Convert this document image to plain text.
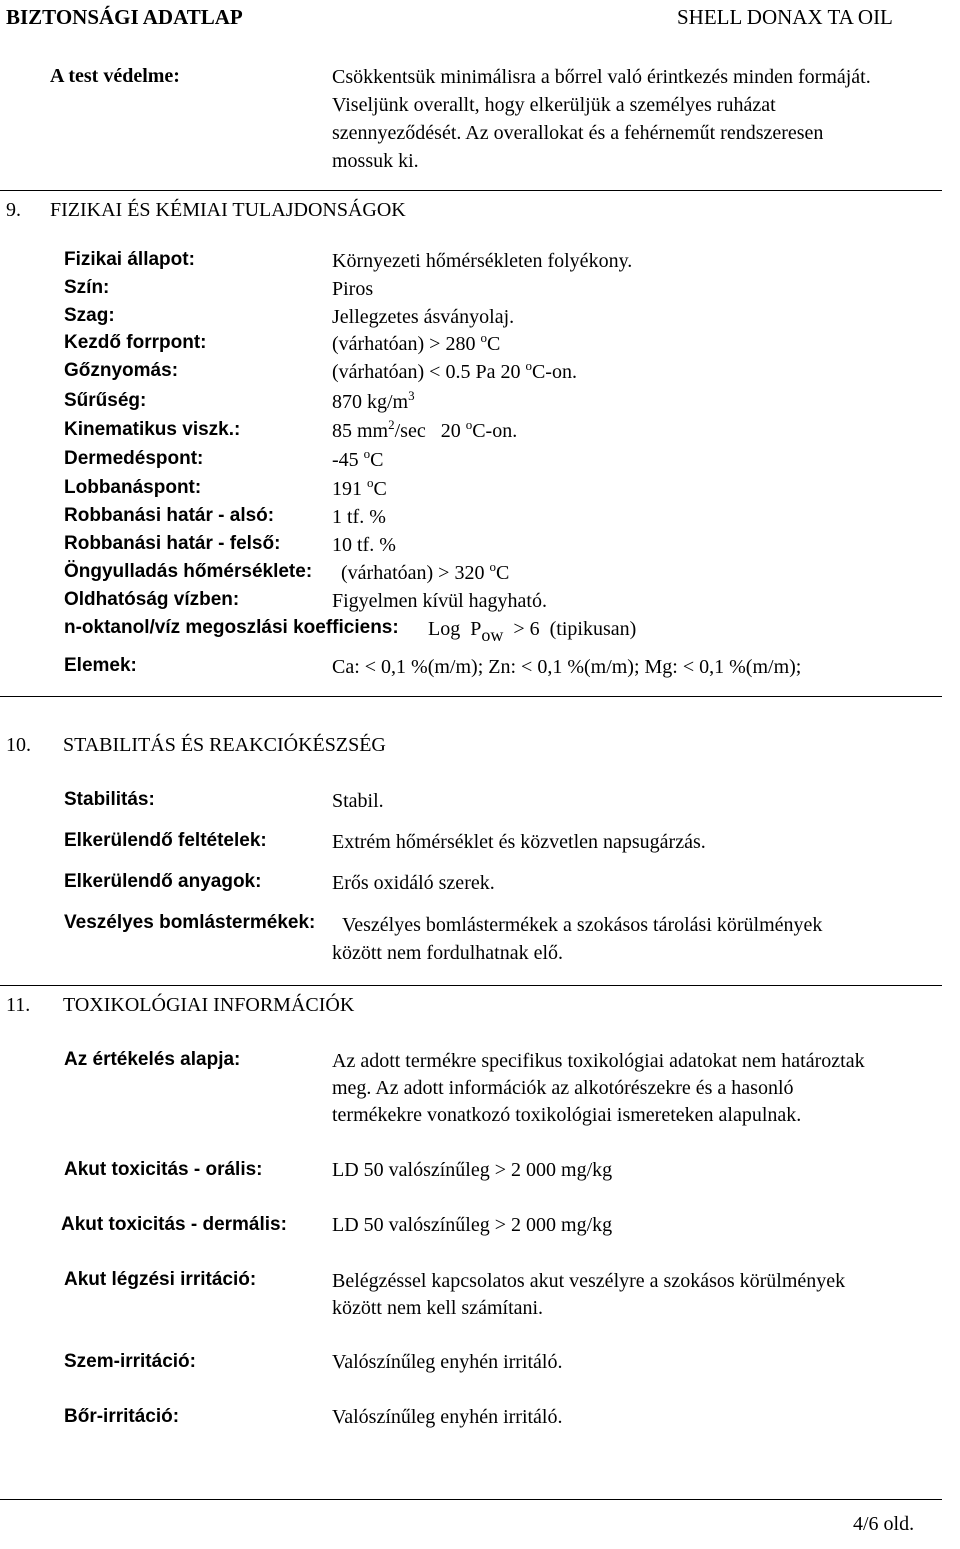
BIZTONSÁGI ADATLAP	SHELL DONAX TA OIL
A test védelme:	Csökkentsük minimálisra a bőrrel való érintkezés minden formáját.
Viseljünk overallt, hogy elkerüljük a személyes ruházat
szennyeződését. Az overallokat és a fehérneműt rendszeresen
mossuk ki.
9. FIZIKAI ÉS KÉMIAI TULAJDONSÁGOK
Fizikai állapot:	Környezeti hőmérsékleten folyékony.
Szín:	Piros
Szag:	Jellegzetes ásványolaj.
Kezdő forrpont:	(várhatóan) > 280 $^o$C
Gőznyomás:	(várhatóan) < 0.5 Pa 20 $^o$C-on.
Sűrűség:	870 $kg/m^3$
Kinematikus viszk.:	85 $mm^2/\sec$   20 $^o$C-on.
Dermedéspont:	-45 $^o$C
Lobbanáspont:	191 $^o$C
Robbanási határ - alsó:	1 tf. %
Robbanási határ - felső:	10 tf. %
Öngyulladás hőmérséklete: (várhatóan) > 320 $^o$C
Oldhatóság vízben:	Figyelmen kívül hagyható.
n-oktanol/víz megoszlási koefficiens: Log  $P_{ow} > 6$  (tipikusan)
Elemek:	Ca: < 0,1 %(m/m); Zn: < 0,1 %(m/m); Mg: < 0,1 %(m/m);
10. STABILITÁS ÉS REAKCIÓKÉSZSÉG
Stabilitás:	Stabil.
Elkerülendő feltételek:	Extrém hőmérséklet és közvetlen napsugárzás.
Elkerülendő anyagok:	Erős oxidáló szerek.
Veszélyes bomlástermékek: Veszélyes bomlástermékek a szokásos tárolási körülmények
között nem fordulhatnak elő.
11. TOXIKOLÓGIAI INFORMÁCIÓK
Az értékelés alapja:	Az adott termékre specifikus toxikológiai adatokat nem határoztak
meg. Az adott információk az alkotórészekre és a hasonló
termékekre vonatkozó toxikológiai ismereteken alapulnak.
Akut toxicitás - orális:	LD 50 valószínűleg > 2 000 mg/kg
Akut toxicitás - dermális: LD 50 valószínűleg > 2 000 mg/kg
Akut légzési irritáció:	Belégzéssel kapcsolatos akut veszélyre a szokásos körülmények
között nem kell számítani.
Szem-irritáció:	Valószínűleg enyhén irritáló.
Bőr-irritáció:	Valószínűleg enyhén irritáló.
4/6 old.
